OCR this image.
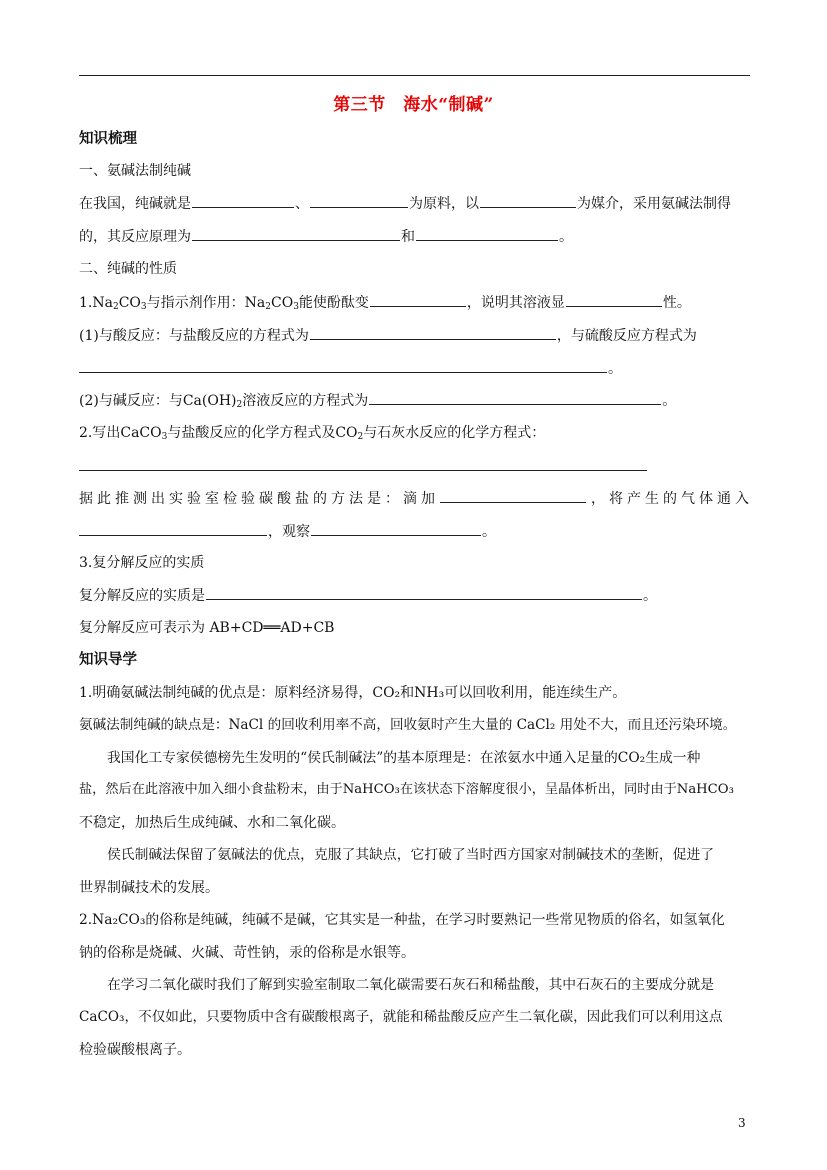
第三节　海水“制碱”
知识梳理
一、氨碱法制纯碱
在我国，纯碱就是	、	为原料，以	为媒介，采用氨碱法制得
的，其反应原理为	和	。
二、纯碱的性质
$1.Na_2CO_3$与指示剂作用：$Na_2CO_3$能使酚酞变	，说明其溶液显	性。
(1)与酸反应：与盐酸反应的方程式为	，与硫酸反应方程式为
。
(2)与碱反应：与$Ca(OH)_2$溶液反应的方程式为	。
2.写出CaCO$_3$与盐酸反应的化学方程式及$CO_2$与石灰水反应的化学方程式：
据此推测出实验室检验碳酸盐的方法是：滴加	，将产生的气体通入
，观察	。
3.复分解反应的实质
复分解反应的实质是	。
复分解反应可表示为 AB+CD══AD+CB
知识导学
1.明确氨碱法制纯碱的优点是：原料经济易得，CO₂和NH₃可以回收利用，能连续生产。
氨碱法制纯碱的缺点是：NaCl 的回收利用率不高，回收氨时产生大量的 CaCl₂ 用处不大，而且还污染环境。
我国化工专家侯德榜先生发明的“侯氏制碱法”的基本原理是：在浓氨水中通入足量的CO₂生成一种
盐，然后在此溶液中加入细小食盐粉末，由于NaHCO₃在该状态下溶解度很小，呈晶体析出，同时由于NaHCO₃
不稳定，加热后生成纯碱、水和二氧化碳。
侯氏制碱法保留了氨碱法的优点，克服了其缺点，它打破了当时西方国家对制碱技术的垄断，促进了
世界制碱技术的发展。
2.Na₂CO₃的俗称是纯碱，纯碱不是碱，它其实是一种盐，在学习时要熟记一些常见物质的俗名，如氢氧化
钠的俗称是烧碱、火碱、苛性钠，汞的俗称是水银等。
在学习二氧化碳时我们了解到实验室制取二氧化碳需要石灰石和稀盐酸，其中石灰石的主要成分就是
CaCO₃，不仅如此，只要物质中含有碳酸根离子，就能和稀盐酸反应产生二氧化碳，因此我们可以利用这点
检验碳酸根离子。
3
